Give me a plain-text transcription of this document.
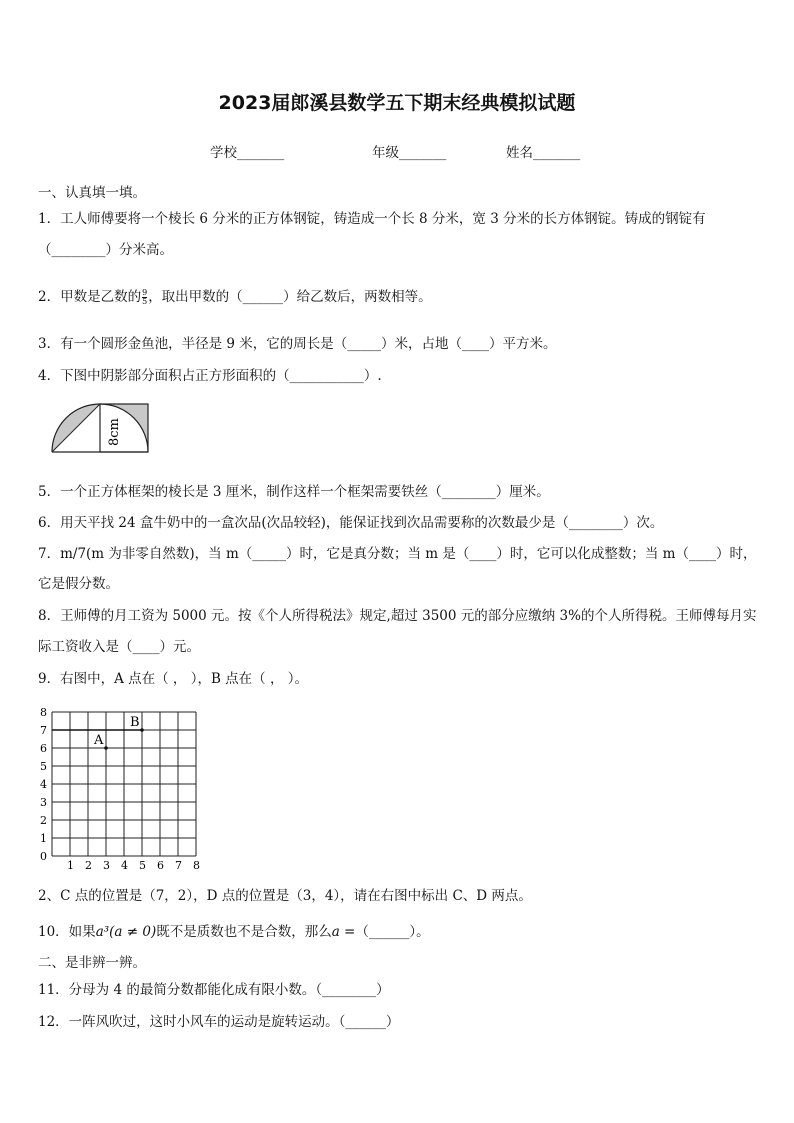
2023届郎溪县数学五下期末经典模拟试题
学校_______	年级_______	姓名_______
一、认真填一填。
1．工人师傅要将一个棱长 6 分米的正方体钢锭，铸造成一个长 8 分米，宽 3 分米的长方体钢锭。铸成的钢锭有
（________）分米高。
2．甲数是乙数的 $\frac{9}{5}$ ，取出甲数的（______）给乙数后，两数相等。
3．有一个圆形金鱼池，半径是 9 米，它的周长是（_____）米，占地（____）平方米。
4．下图中阴影部分面积占正方形面积的（___________）.
8cm
5．一个正方体框架的棱长是 3 厘米，制作这样一个框架需要铁丝（________）厘米。
6．用天平找 24 盒牛奶中的一盒次品(次品较轻)，能保证找到次品需要称的次数最少是（________）次。
7．m/7(m 为非零自然数)，当 m（_____）时，它是真分数；当 m 是（____）时，它可以化成整数；当 m（____）时，
它是假分数。
8．王师傅的月工资为 5000 元。按《个人所得税法》规定,超过 3500 元的部分应缴纳 3%的个人所得税。王师傅每月实
际工资收入是（____）元。
9．右图中，A 点在（ ， ），B 点在（ ， ）。
1 2 3 4 5 6 7 8
0
1
2
3
4
5
6
7
8
A
B
2、C 点的位置是（7，2），D 点的位置是（3，4），请在右图中标出 C、D 两点。
10．如果a³(a ≠ 0)既不是质数也不是合数，那么a =（______）。
二、是非辨一辨。
11．分母为 4 的最简分数都能化成有限小数。（________）
12．一阵风吹过，这时小风车的运动是旋转运动。（______）
